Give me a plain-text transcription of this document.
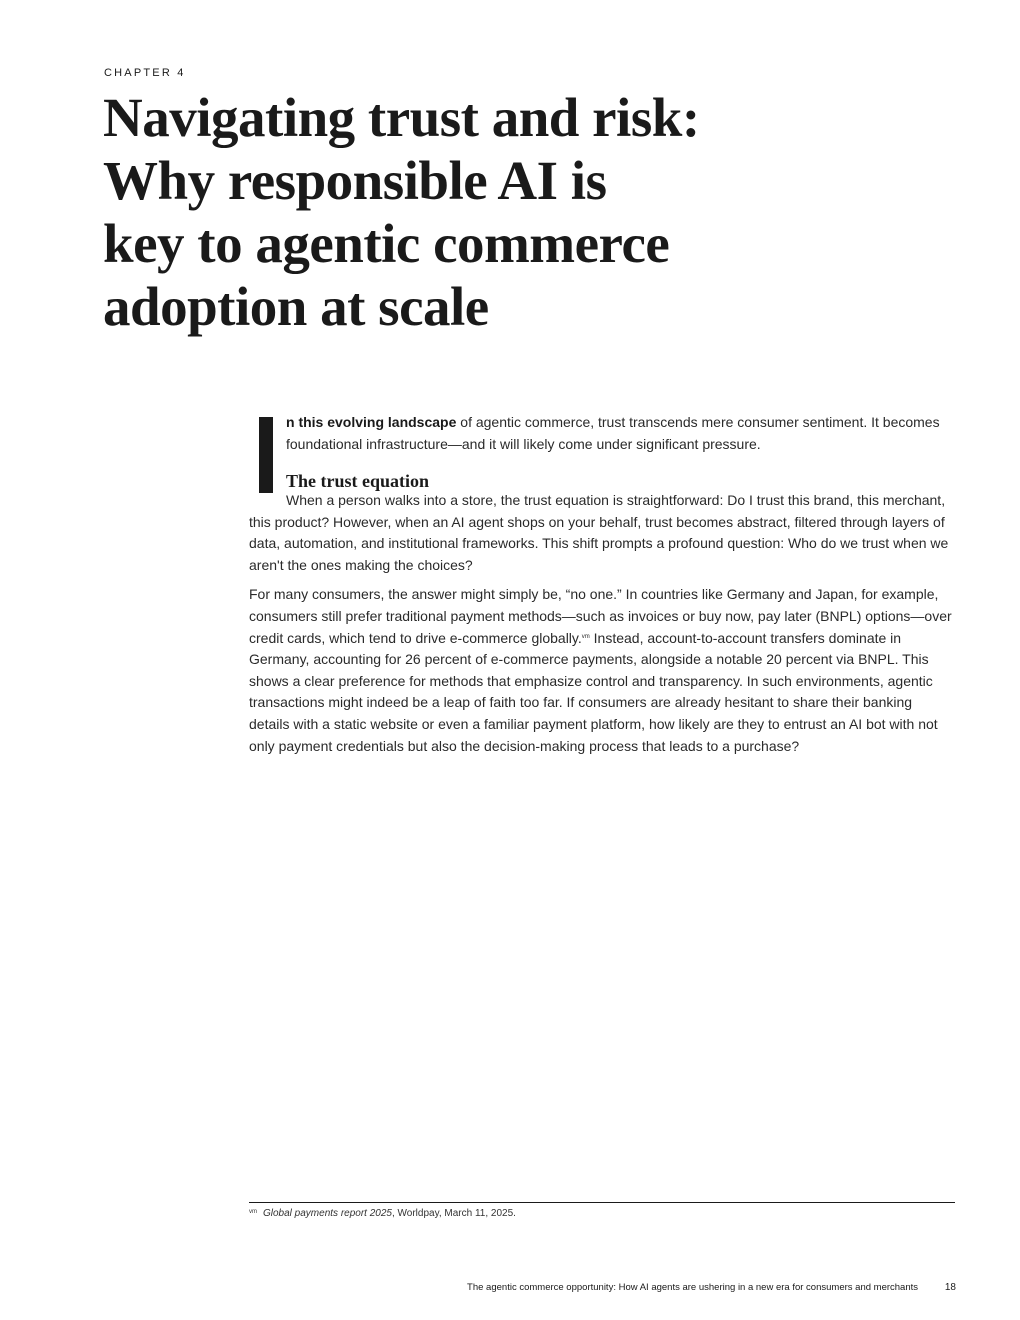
CHAPTER 4

Navigating trust and risk:
Why responsible AI is
key to agentic commerce
adoption at scale

n this evolving landscape of agentic commerce, trust transcends mere consumer sentiment. It becomes foundational infrastructure—and it will likely come under significant pressure.

The trust equation

When a person walks into a store, the trust equation is straightforward: Do I trust this brand, this merchant, this product? However, when an AI agent shops on your behalf, trust becomes abstract, filtered through layers of data, automation, and institutional frameworks. This shift prompts a profound question: Who do we trust when we aren't the ones making the choices?

For many consumers, the answer might simply be, “no one.” In countries like Germany and Japan, for example, consumers still prefer traditional payment methods—such as invoices or buy now, pay later (BNPL) options—over credit cards, which tend to drive e-commerce globally.$^{vm}$ Instead, account-to-account transfers dominate in Germany, accounting for 26 percent of e-commerce payments, alongside a notable 20 percent via BNPL. This shows a clear preference for methods that emphasize control and transparency. In such environments, agentic transactions might indeed be a leap of faith too far. If consumers are already hesitant to share their banking details with a static website or even a familiar payment platform, how likely are they to entrust an AI bot with not only payment credentials but also the decision-making process that leads to a purchase?

vm Global payments report 2025, Worldpay, March 11, 2025.
The agentic commerce opportunity: How AI agents are ushering in a new era for consumers and merchants	18
